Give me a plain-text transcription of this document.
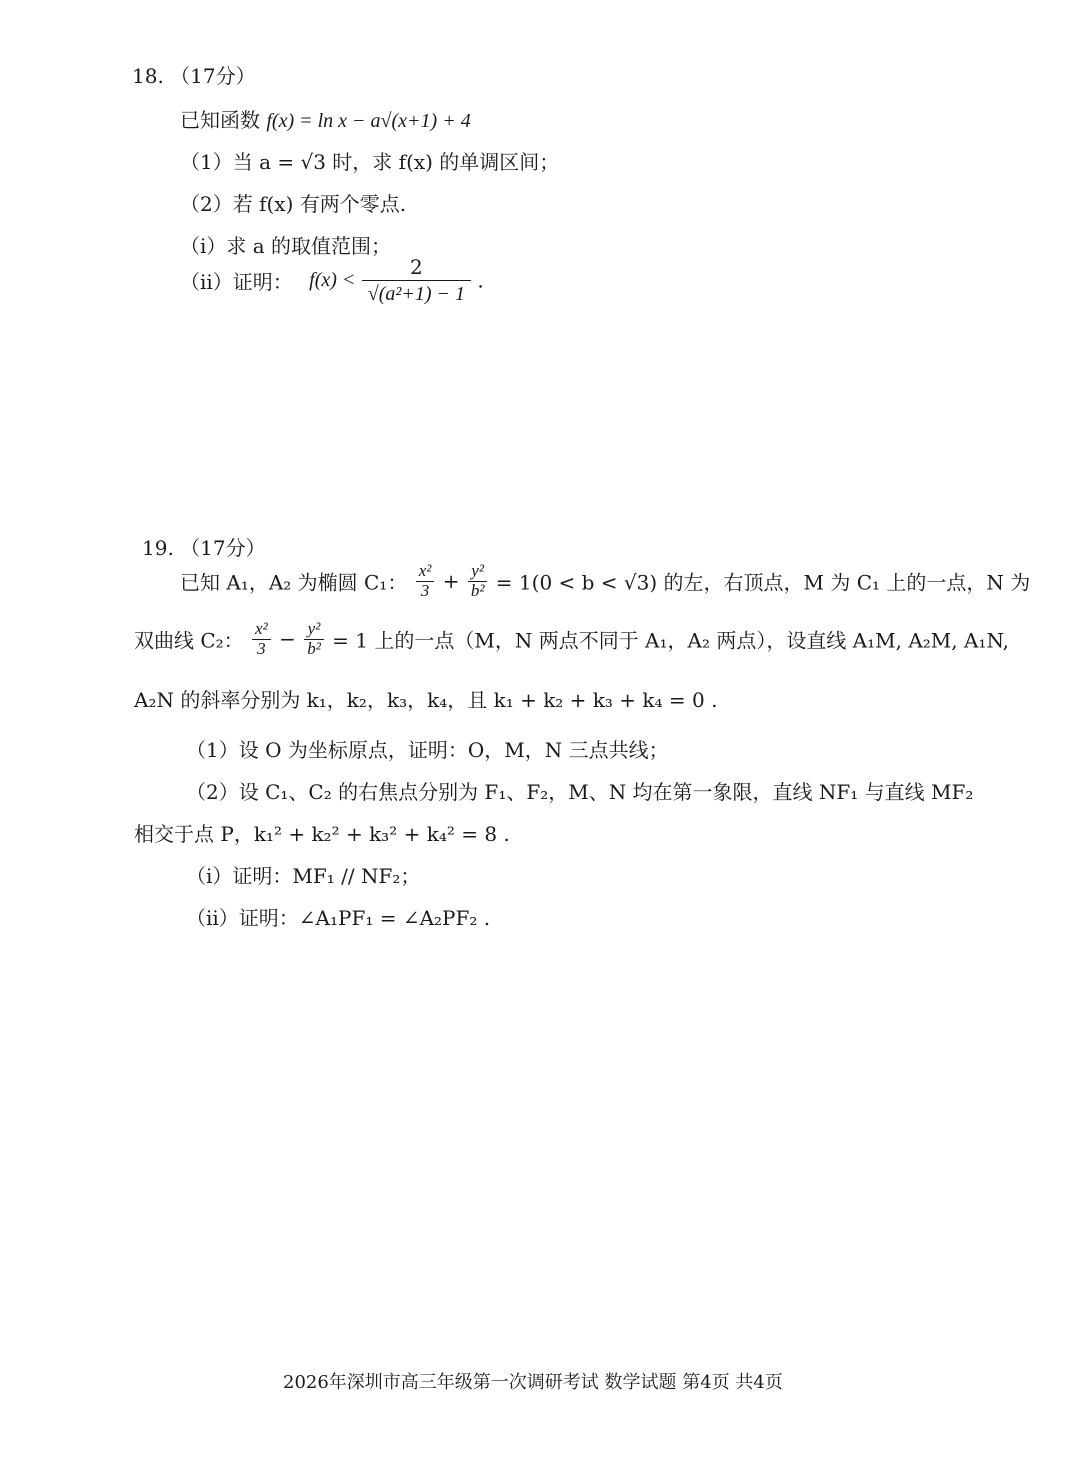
18. （17分）
已知函数 f(x) = ln x − a√(x+1) + 4
（1）当 a = √3 时，求 f(x) 的单调区间；
（2）若 f(x) 有两个零点.
（i）求 a 的取值范围；
（ii）证明： $f(x) < \frac{2}{\text{√(a²+1) − 1}}$ .
19. （17分）
已知 A₁，A₂ 为椭圆 C₁： $\frac{\text{x²}}{3} + \frac{\text{y²}}{\text{b²}} = 1(0 < b < √3)$ 的左，右顶点，M 为 C₁ 上的一点，N 为
双曲线 C₂： $\frac{\text{x²}}{3} - \frac{\text{y²}}{\text{b²}} = 1$ 上的一点（M，N 两点不同于 A₁，A₂ 两点），设直线 A₁M, A₂M, A₁N,
A₂N 的斜率分别为 k₁，k₂，k₃，k₄，且 k₁ + k₂ + k₃ + k₄ = 0 .
（1）设 O 为坐标原点，证明：O，M，N 三点共线；
（2）设 C₁、C₂ 的右焦点分别为 F₁、F₂，M、N 均在第一象限，直线 NF₁ 与直线 MF₂
相交于点 P，k₁² + k₂² + k₃² + k₄² = 8 .
（i）证明：MF₁ // NF₂；
（ii）证明：∠A₁PF₁ = ∠A₂PF₂ .
2026年深圳市高三年级第一次调研考试 数学试题 第4页 共4页
